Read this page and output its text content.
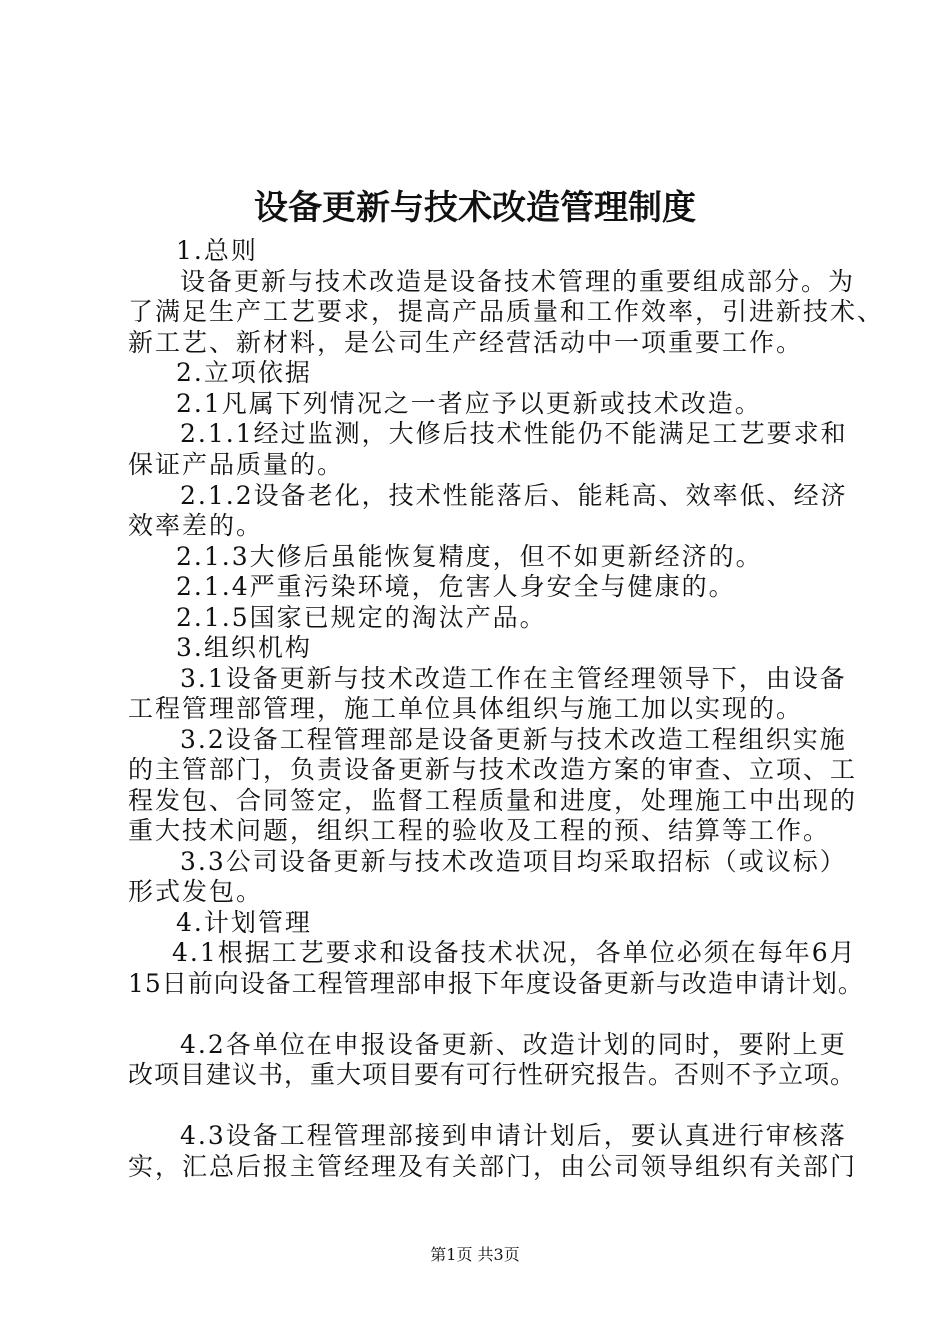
设备更新与技术改造管理制度
1.总则
设备更新与技术改造是设备技术管理的重要组成部分。为
了满足生产工艺要求，提高产品质量和工作效率，引进新技术、
新工艺、新材料，是公司生产经营活动中一项重要工作。
2.立项依据
2.1凡属下列情况之一者应予以更新或技术改造。
2.1.1经过监测，大修后技术性能仍不能满足工艺要求和
保证产品质量的。
2.1.2设备老化，技术性能落后、能耗高、效率低、经济
效率差的。
2.1.3大修后虽能恢复精度，但不如更新经济的。
2.1.4严重污染环境，危害人身安全与健康的。
2.1.5国家已规定的淘汰产品。
3.组织机构
3.1设备更新与技术改造工作在主管经理领导下，由设备
工程管理部管理，施工单位具体组织与施工加以实现的。
3.2设备工程管理部是设备更新与技术改造工程组织实施
的主管部门，负责设备更新与技术改造方案的审查、立项、工
程发包、合同签定，监督工程质量和进度，处理施工中出现的
重大技术问题，组织工程的验收及工程的预、结算等工作。
3.3公司设备更新与技术改造项目均采取招标（或议标）
形式发包。
4.计划管理
4.1根据工艺要求和设备技术状况，各单位必须在每年6月
15日前向设备工程管理部申报下年度设备更新与改造申请计划。
4.2各单位在申报设备更新、改造计划的同时，要附上更
改项目建议书，重大项目要有可行性研究报告。否则不予立项。
4.3设备工程管理部接到申请计划后，要认真进行审核落
实，汇总后报主管经理及有关部门，由公司领导组织有关部门
第1页 共3页
